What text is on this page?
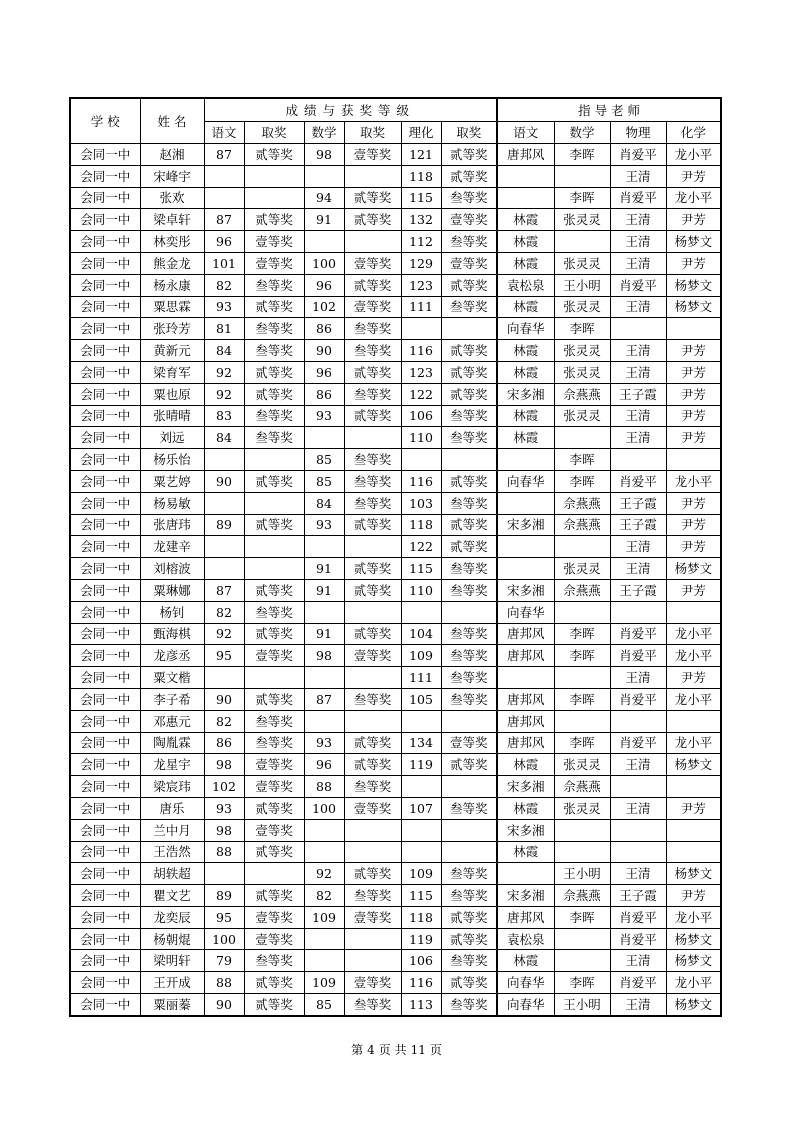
学 校	姓 名	成绩与获奖等级						指 导 老 师			
		语文	取奖	数学	取奖	理化	取奖	语文	数学	物理	化学
会同一中	赵湘	87	贰等奖	98	壹等奖	121	贰等奖	唐邦风	李晖	肖爱平	龙小平
会同一中	宋峰宇					118	贰等奖			王清	尹芳
会同一中	张欢			94	贰等奖	115	叁等奖		李晖	肖爱平	龙小平
会同一中	梁卓轩	87	贰等奖	91	贰等奖	132	壹等奖	林霞	张灵灵	王清	尹芳
会同一中	林奕彤	96	壹等奖			112	叁等奖	林霞		王清	杨梦文
会同一中	熊金龙	101	壹等奖	100	壹等奖	129	壹等奖	林霞	张灵灵	王清	尹芳
会同一中	杨永康	82	叁等奖	96	贰等奖	123	贰等奖	袁松泉	王小明	肖爱平	杨梦文
会同一中	粟思霖	93	贰等奖	102	壹等奖	111	叁等奖	林霞	张灵灵	王清	杨梦文
会同一中	张玲芳	81	叁等奖	86	叁等奖			向春华	李晖		
会同一中	黄新元	84	叁等奖	90	叁等奖	116	贰等奖	林霞	张灵灵	王清	尹芳
会同一中	梁育军	92	贰等奖	96	贰等奖	123	贰等奖	林霞	张灵灵	王清	尹芳
会同一中	粟也原	92	贰等奖	86	叁等奖	122	贰等奖	宋多湘	佘燕燕	王子霞	尹芳
会同一中	张晴晴	83	叁等奖	93	贰等奖	106	叁等奖	林霞	张灵灵	王清	尹芳
会同一中	刘远	84	叁等奖			110	叁等奖	林霞		王清	尹芳
会同一中	杨乐怡			85	叁等奖				李晖		
会同一中	粟艺婷	90	贰等奖	85	叁等奖	116	贰等奖	向春华	李晖	肖爱平	龙小平
会同一中	杨易敏			84	叁等奖	103	叁等奖		佘燕燕	王子霞	尹芳
会同一中	张唐玮	89	贰等奖	93	贰等奖	118	贰等奖	宋多湘	佘燕燕	王子霞	尹芳
会同一中	龙建辛					122	贰等奖			王清	尹芳
会同一中	刘榕波			91	贰等奖	115	叁等奖		张灵灵	王清	杨梦文
会同一中	粟琳娜	87	贰等奖	91	贰等奖	110	叁等奖	宋多湘	佘燕燕	王子霞	尹芳
会同一中	杨钊	82	叁等奖					向春华			
会同一中	甄海棋	92	贰等奖	91	贰等奖	104	叁等奖	唐邦风	李晖	肖爱平	龙小平
会同一中	龙彦丞	95	壹等奖	98	壹等奖	109	叁等奖	唐邦风	李晖	肖爱平	龙小平
会同一中	粟文楷					111	叁等奖			王清	尹芳
会同一中	李子希	90	贰等奖	87	叁等奖	105	叁等奖	唐邦风	李晖	肖爱平	龙小平
会同一中	邓惠元	82	叁等奖					唐邦风			
会同一中	陶胤霖	86	叁等奖	93	贰等奖	134	壹等奖	唐邦风	李晖	肖爱平	龙小平
会同一中	龙星宇	98	壹等奖	96	贰等奖	119	贰等奖	林霞	张灵灵	王清	杨梦文
会同一中	梁宸玮	102	壹等奖	88	叁等奖			宋多湘	佘燕燕		
会同一中	唐乐	93	贰等奖	100	壹等奖	107	叁等奖	林霞	张灵灵	王清	尹芳
会同一中	兰中月	98	壹等奖					宋多湘			
会同一中	王浩然	88	贰等奖					林霞			
会同一中	胡轶超			92	贰等奖	109	叁等奖		王小明	王清	杨梦文
会同一中	瞿文艺	89	贰等奖	82	叁等奖	115	叁等奖	宋多湘	佘燕燕	王子霞	尹芳
会同一中	龙奕辰	95	壹等奖	109	壹等奖	118	贰等奖	唐邦风	李晖	肖爱平	龙小平
会同一中	杨朝焜	100	壹等奖			119	贰等奖	袁松泉		肖爱平	杨梦文
会同一中	梁明轩	79	叁等奖			106	叁等奖	林霞		王清	杨梦文
会同一中	王开成	88	贰等奖	109	壹等奖	116	贰等奖	向春华	李晖	肖爱平	龙小平
会同一中	粟丽蓁	90	贰等奖	85	叁等奖	113	叁等奖	向春华	王小明	王清	杨梦文
第 4 页 共 11 页
